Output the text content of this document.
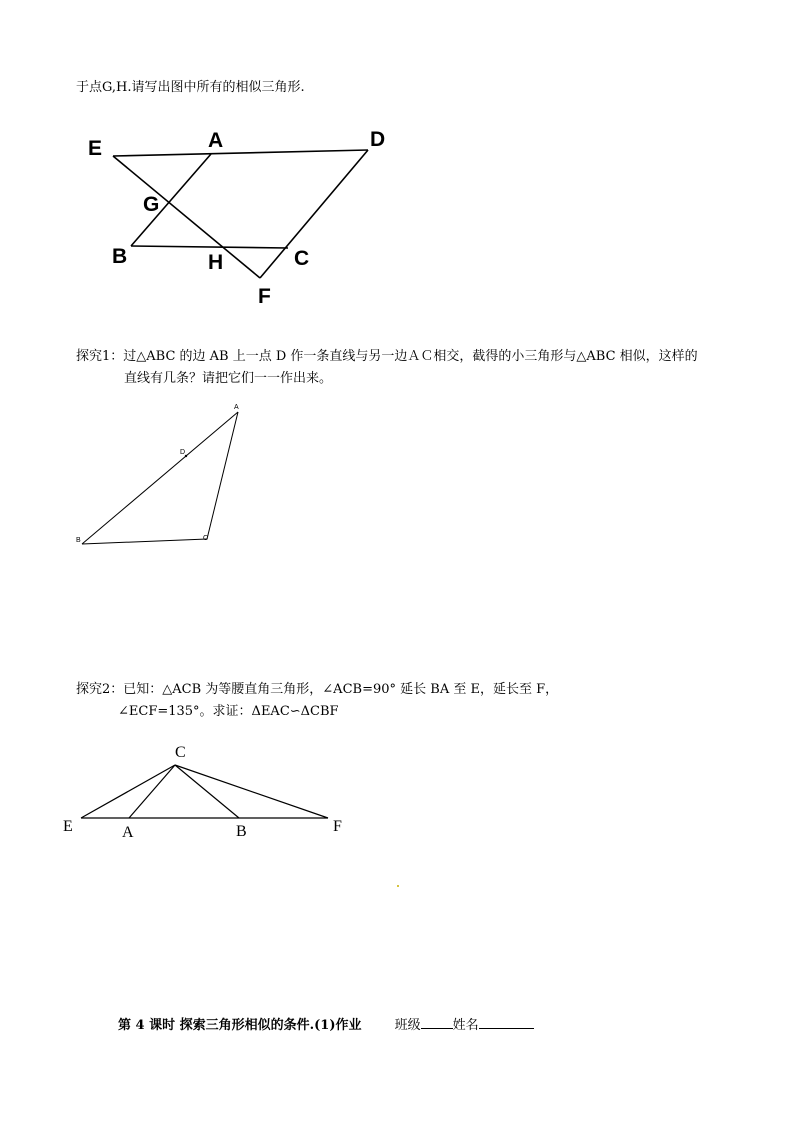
于点G,H.请写出图中所有的相似三角形.
E	A	D
G
B	H	C
F
A
D
B	C
C
E	A	B	F
探究1：过△ABC 的边 AB 上一点 D 作一条直线与另一边ＡＣ相交，截得的小三角形与△ABC 相似，这样的
直线有几条？请把它们一一作出来。
探究2：已知：△ACB 为等腰直角三角形，∠ACB=90° 延长 BA 至 E，延长至 F，
∠ECF=135°。求证：ΔEAC∽ΔCBF
第 4 课时 探索三角形相似的条件.(1)作业	班级 姓名
